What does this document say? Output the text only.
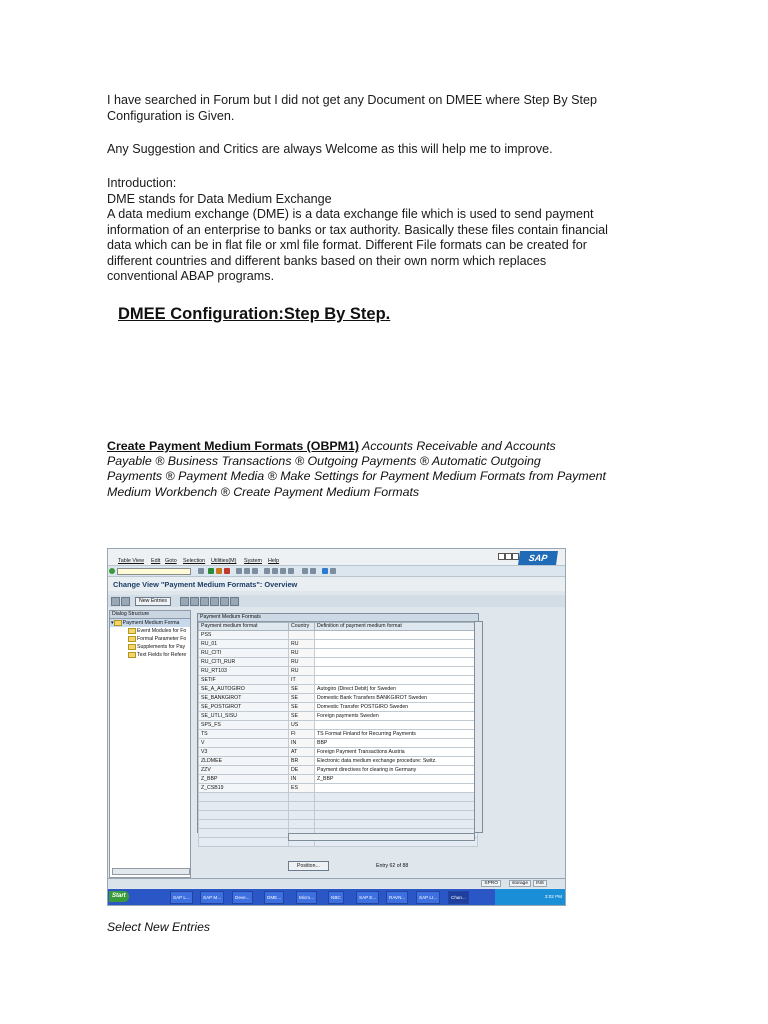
I have searched in Forum but I did not get any Document on DMEE where Step By Step
Configuration is Given.

Any Suggestion and Critics are always Welcome as this will help me to improve.

Introduction:
DME stands for Data Medium Exchange
A data medium exchange (DME) is a data exchange file which is used to send payment
information of an enterprise to banks or tax authority. Basically these files contain financial
data which can be in flat file or xml file format. Different File formats can be created for
different countries and different banks based on their own norm which replaces
conventional ABAP programs.

DMEE Configuration:Step By Step.
Create Payment Medium Formats (OBPM1) Accounts Receivable and Accounts
Payable ® Business Transactions ® Outgoing Payments ® Automatic Outgoing
Payments ® Payment Media ® Make Settings for Payment Medium Formats from Payment
Medium Workbench ® Create Payment Medium Formats
Table View Edit Goto Selection Utilities(M) System Help	SAP
Change View "Payment Medium Formats": Overview
New Entries
Dialog Structure
▾ Payment Medium Forma
Event Modules for Fo
Formal Parameter Fo
Supplements for Pay
Text Fields for Refere
Payment Medium Formats
Payment medium format	Country	Definition of payment medium format
PSS		
RU_01	RU	
RU_CITI	RU	
RU_CITI_RUR	RU	
RU_RT103	RU	
SETIF	IT	
SE_A_AUTOGIRO	SE	Autogiro (Direct Debit) for Sweden
SE_BANKGIROT	SE	Domestic Bank Transfers BANKGIROT Sweden
SE_POSTGIROT	SE	Domestic Transfer POSTGIRO Sweden
SE_UTLI_SISU	SE	Foreign payments Sweden
SPS_FS	US	
TS	FI	TS Format Finland for Recurring Payments
V	IN	BBP
V3	AT	Foreign Payment Transactions Austria
ZLDMEE	BR	Electronic data medium exchange procedure: Switz.
ZZV	DE	Payment directives for clearing in Germany
Z_BBP	IN	Z_BBP
Z_CSB19	ES	

Position...	Entry 62 of 88
SPRO	storage	INS
Start	SAP L...	SAP M...	Deve...	DME...	Micro...	NBC	SAP E...	RAVN...	SAP LI...	Chan...	3:02 PM
Select New Entries
